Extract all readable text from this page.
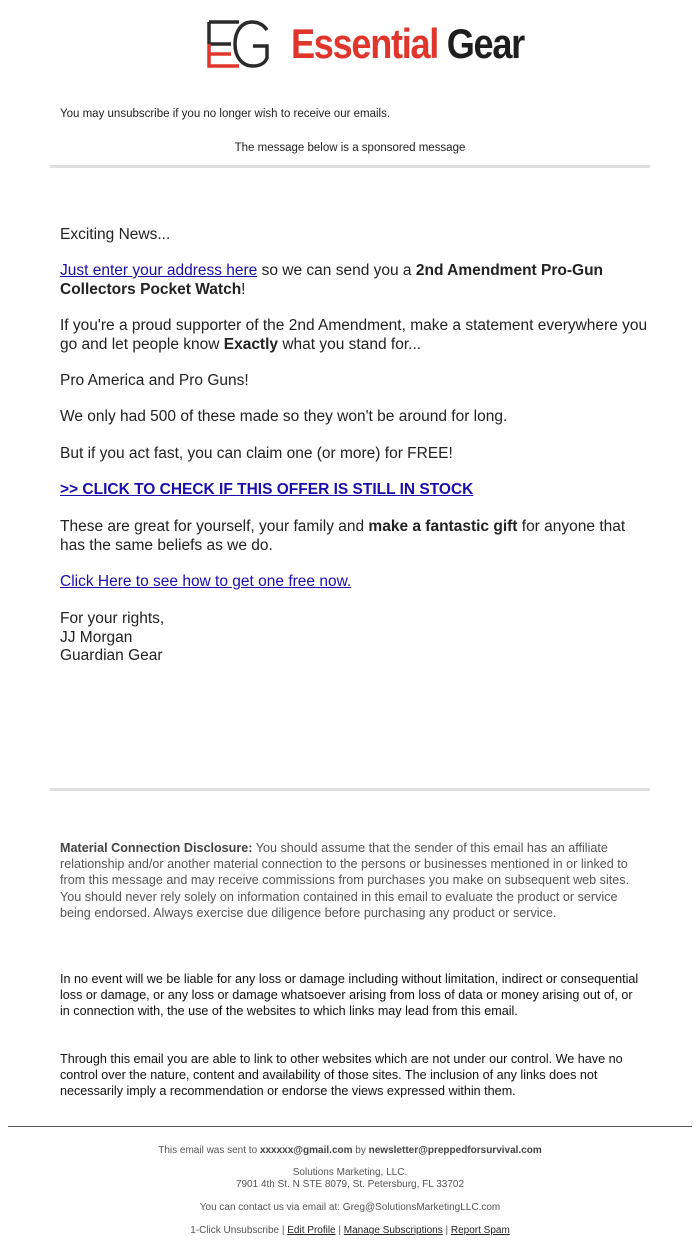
Essential Gear
You may unsubscribe if you no longer wish to receive our emails.
The message below is a sponsored message

Exciting News...

Just enter your address here so we can send you a 2nd Amendment Pro-Gun Collectors Pocket Watch!

If you're a proud supporter of the 2nd Amendment, make a statement everywhere you go and let people know Exactly what you stand for...

Pro America and Pro Guns!

We only had 500 of these made so they won't be around for long.

But if you act fast, you can claim one (or more) for FREE!

>> CLICK TO CHECK IF THIS OFFER IS STILL IN STOCK

These are great for yourself, your family and make a fantastic gift for anyone that has the same beliefs as we do.

Click Here to see how to get one free now.

For your rights,

JJ Morgan

Guardian Gear

Material Connection Disclosure: You should assume that the sender of this email has an affiliate relationship and/or another material connection to the persons or businesses mentioned in or linked to from this message and may receive commissions from purchases you make on subsequent web sites. You should never rely solely on information contained in this email to evaluate the product or service being endorsed. Always exercise due diligence before purchasing any product or service.
In no event will we be liable for any loss or damage including without limitation, indirect or consequential loss or damage, or any loss or damage whatsoever arising from loss of data or money arising out of, or in connection with, the use of the websites to which links may lead from this email.
Through this email you are able to link to other websites which are not under our control. We have no control over the nature, content and availability of those sites. The inclusion of any links does not necessarily imply a recommendation or endorse the views expressed within them.
This email was sent to xxxxxx@gmail.com by newsletter@preppedforsurvival.com
Solutions Marketing, LLC.
7901 4th St. N STE 8079, St. Petersburg, FL 33702
You can contact us via email at: Greg@SolutionsMarketingLLC.com
1-Click Unsubscribe | Edit Profile | Manage Subscriptions | Report Spam
